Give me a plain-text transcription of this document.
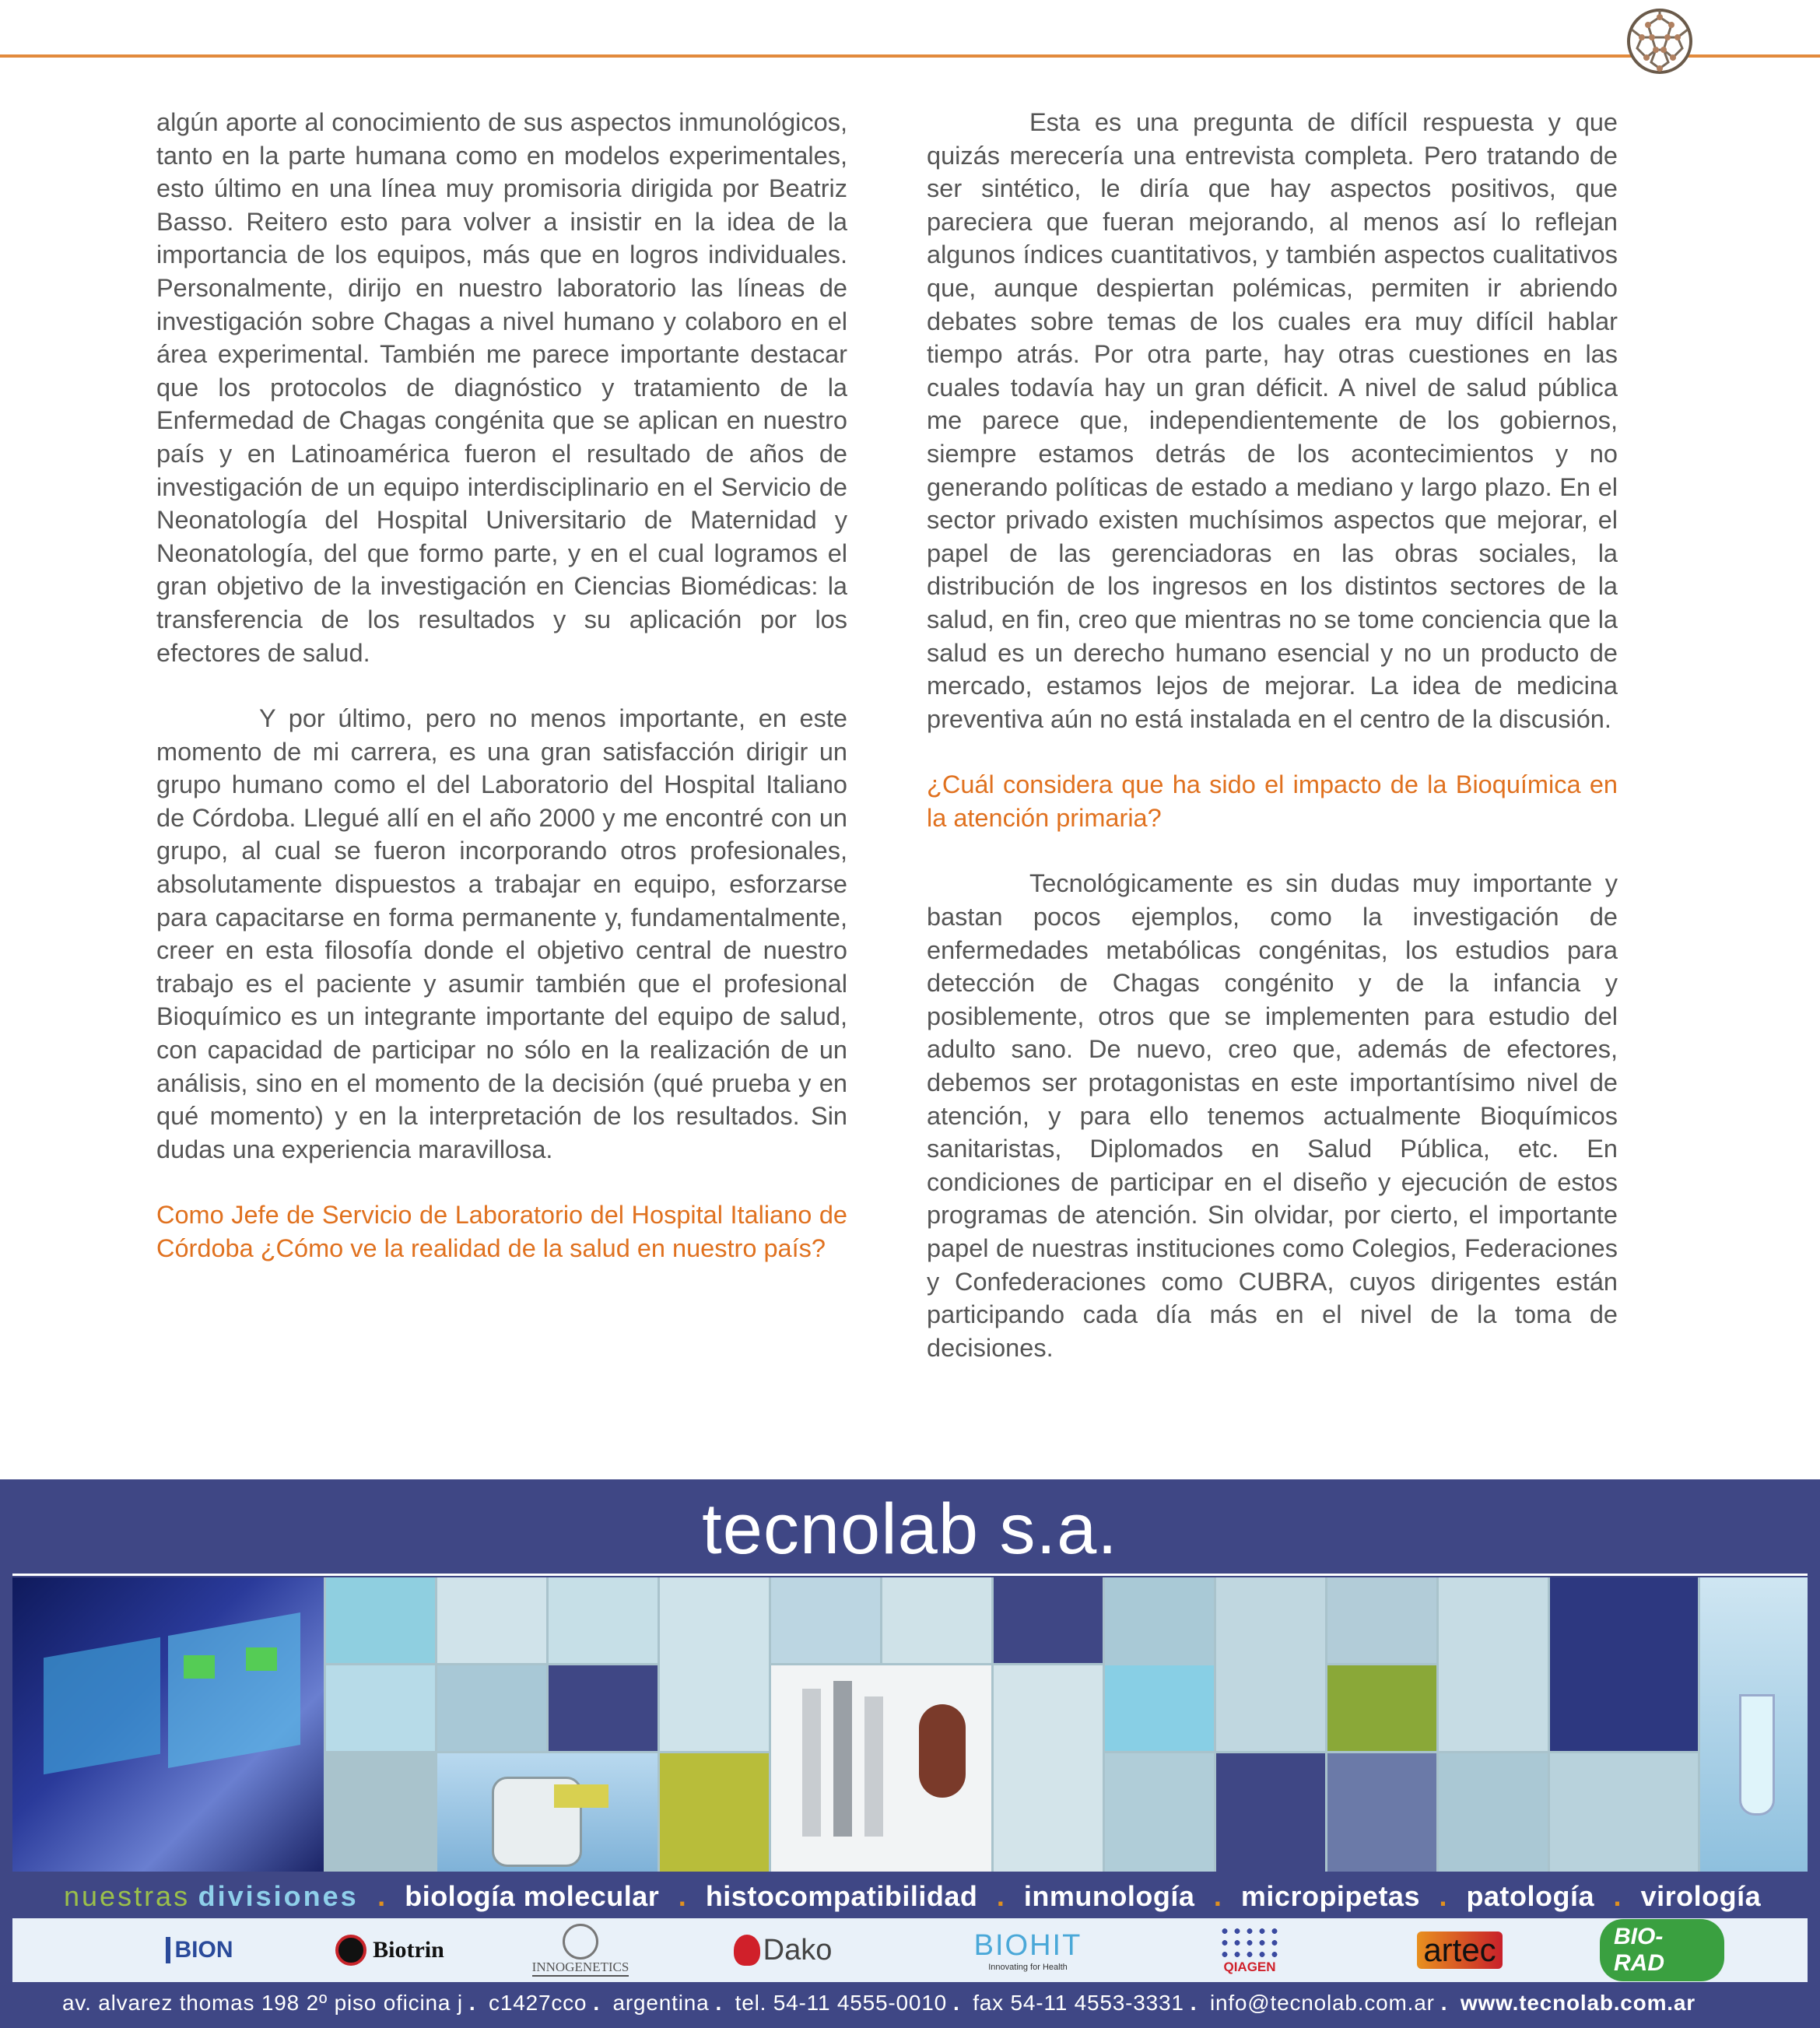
algún aporte al conocimiento de sus aspectos inmunológicos, tanto en la parte humana como en modelos experimentales, esto último en una línea muy promisoria dirigida por Beatriz Basso. Reitero esto para volver a insistir en la idea de la importancia de los equipos, más que en logros individuales. Personalmente, dirijo en nuestro laboratorio las líneas de investigación sobre Chagas a nivel humano y colaboro en el área experimental. También me parece importante destacar que los protocolos de diagnóstico y tratamiento de la Enfermedad de Chagas congénita que se aplican en nuestro país y en Latinoamérica fueron el resultado de años de investigación de un equipo interdisciplinario en el Servicio de Neonatología del Hospital Universitario de Maternidad y Neonatología, del que formo parte, y en el cual logramos el gran objetivo de la investigación en Ciencias Biomédicas: la transferencia de los resultados y su aplicación por los efectores de salud.

Y por último, pero no menos importante, en este momento de mi carrera, es una gran satisfacción dirigir un grupo humano como el del Laboratorio del Hospital Italiano de Córdoba. Llegué allí en el año 2000 y me encontré con un grupo, al cual se fueron incorporando otros profesionales, absolutamente dispuestos a trabajar en equipo, esforzarse para capacitarse en forma permanente y, fundamentalmente, creer en esta filosofía donde el objetivo central de nuestro trabajo es el paciente y asumir también que el profesional Bioquímico es un integrante importante del equipo de salud, con capacidad de participar no sólo en la realización de un análisis, sino en el momento de la decisión (qué prueba y en qué momento) y en la interpretación de los resultados. Sin dudas una experiencia maravillosa.

Como Jefe de Servicio de Laboratorio del Hospital Italiano de Córdoba ¿Cómo ve la realidad de la salud en nuestro país?

Esta es una pregunta de difícil respuesta y que quizás merecería una entrevista completa. Pero tratando de ser sintético, le diría que hay aspectos positivos, que pareciera que fueran mejorando, al menos así lo reflejan algunos índices cuantitativos, y también aspectos cualitativos que, aunque despiertan polémicas, permiten ir abriendo debates sobre temas de los cuales era muy difícil hablar tiempo atrás. Por otra parte, hay otras cuestiones en las cuales todavía hay un gran déficit. A nivel de salud pública me parece que, independientemente de los gobiernos, siempre estamos detrás de los acontecimientos y no generando políticas de estado a mediano y largo plazo. En el sector privado existen muchísimos aspectos que mejorar, el papel de las gerenciadoras en las obras sociales, la distribución de los ingresos en los distintos sectores de la salud, en fin, creo que mientras no se tome conciencia que la salud es un derecho humano esencial y no un producto de mercado, estamos lejos de mejorar. La idea de medicina preventiva aún no está instalada en el centro de la discusión.

¿Cuál considera que ha sido el impacto de la Bioquímica en la atención primaria?

Tecnológicamente es sin dudas muy importante y bastan pocos ejemplos, como la investigación de enfermedades metabólicas congénitas, los estudios para detección de Chagas congénito y de la infancia y posiblemente, otros que se implementen para estudio del adulto sano. De nuevo, creo que, además de efectores, debemos ser protagonistas en este importantísimo nivel de atención, y para ello tenemos actualmente Bioquímicos sanitaristas, Diplomados en Salud Pública, etc. En condiciones de participar en el diseño y ejecución de estos programas de atención. Sin olvidar, por cierto, el importante papel de nuestras instituciones como Colegios, Federaciones y Confederaciones como CUBRA, cuyos dirigentes están participando cada día más en el nivel de la toma de decisiones.

tecnolab s.a.
nuestras divisiones . biología molecular . histocompatibilidad . inmunología . micropipetas . patología . virología
BION	Biotrin
INNOGENETICS
Dako	BIOHIT
Innovating for Health	QIAGEN	artec	BIO-RAD
av. alvarez thomas 198 2º piso oficina j . c1427cco . argentina . tel. 54-11 4555-0010 . fax 54-11 4553-3331 . info@tecnolab.com.ar . www.tecnolab.com.ar
